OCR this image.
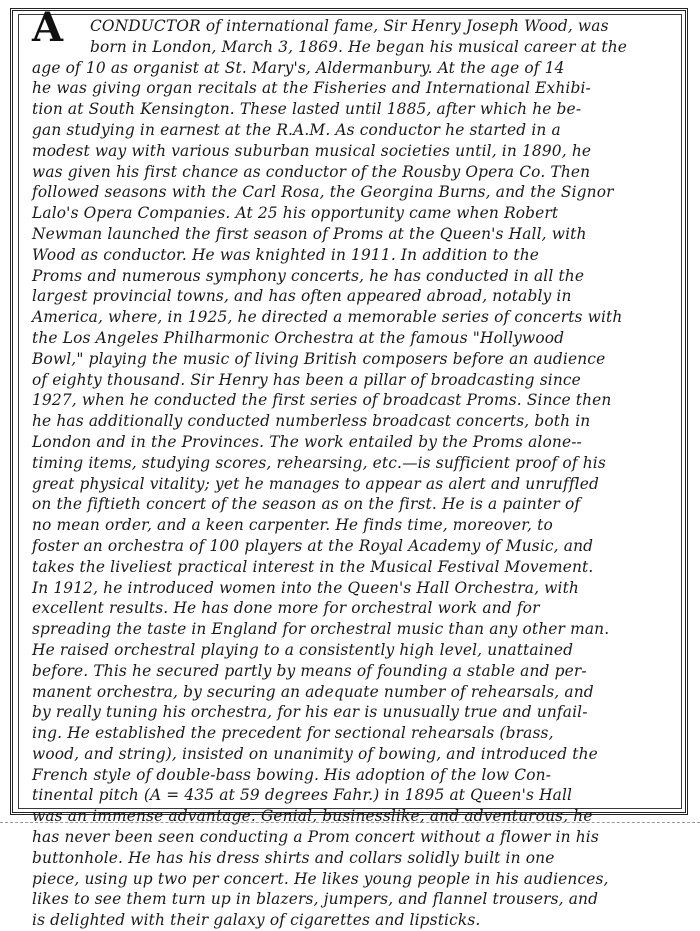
A	CONDUCTOR of international fame, Sir Henry Joseph Wood, was
born in London, March 3, 1869. He began his musical career at the
age of 10 as organist at St. Mary's, Aldermanbury. At the age of 14
he was giving organ recitals at the Fisheries and International Exhibi-
tion at South Kensington. These lasted until 1885, after which he be-
gan studying in earnest at the R.A.M. As conductor he started in a
modest way with various suburban musical societies until, in 1890, he
was given his first chance as conductor of the Rousby Opera Co. Then
followed seasons with the Carl Rosa, the Georgina Burns, and the Signor
Lalo's Opera Companies. At 25 his opportunity came when Robert
Newman launched the first season of Proms at the Queen's Hall, with
Wood as conductor. He was knighted in 1911. In addition to the
Proms and numerous symphony concerts, he has conducted in all the
largest provincial towns, and has often appeared abroad, notably in
America, where, in 1925, he directed a memorable series of concerts with
the Los Angeles Philharmonic Orchestra at the famous "Hollywood
Bowl," playing the music of living British composers before an audience
of eighty thousand. Sir Henry has been a pillar of broadcasting since
1927, when he conducted the first series of broadcast Proms. Since then
he has additionally conducted numberless broadcast concerts, both in
London and in the Provinces. The work entailed by the Proms alone--
timing items, studying scores, rehearsing, etc.—is sufficient proof of his
great physical vitality; yet he manages to appear as alert and unruffled
on the fiftieth concert of the season as on the first. He is a painter of
no mean order, and a keen carpenter. He finds time, moreover, to
foster an orchestra of 100 players at the Royal Academy of Music, and
takes the liveliest practical interest in the Musical Festival Movement.
In 1912, he introduced women into the Queen's Hall Orchestra, with
excellent results. He has done more for orchestral work and for
spreading the taste in England for orchestral music than any other man.
He raised orchestral playing to a consistently high level, unattained
before. This he secured partly by means of founding a stable and per-
manent orchestra, by securing an adequate number of rehearsals, and
by really tuning his orchestra, for his ear is unusually true and unfail-
ing. He established the precedent for sectional rehearsals (brass,
wood, and string), insisted on unanimity of bowing, and introduced the
French style of double-bass bowing. His adoption of the low Con-
tinental pitch (A = 435 at 59 degrees Fahr.) in 1895 at Queen's Hall
was an immense advantage. Genial, businesslike, and adventurous, he
has never been seen conducting a Prom concert without a flower in his
buttonhole. He has his dress shirts and collars solidly built in one
piece, using up two per concert. He likes young people in his audiences,
likes to see them turn up in blazers, jumpers, and flannel trousers, and
is delighted with their galaxy of cigarettes and lipsticks.
